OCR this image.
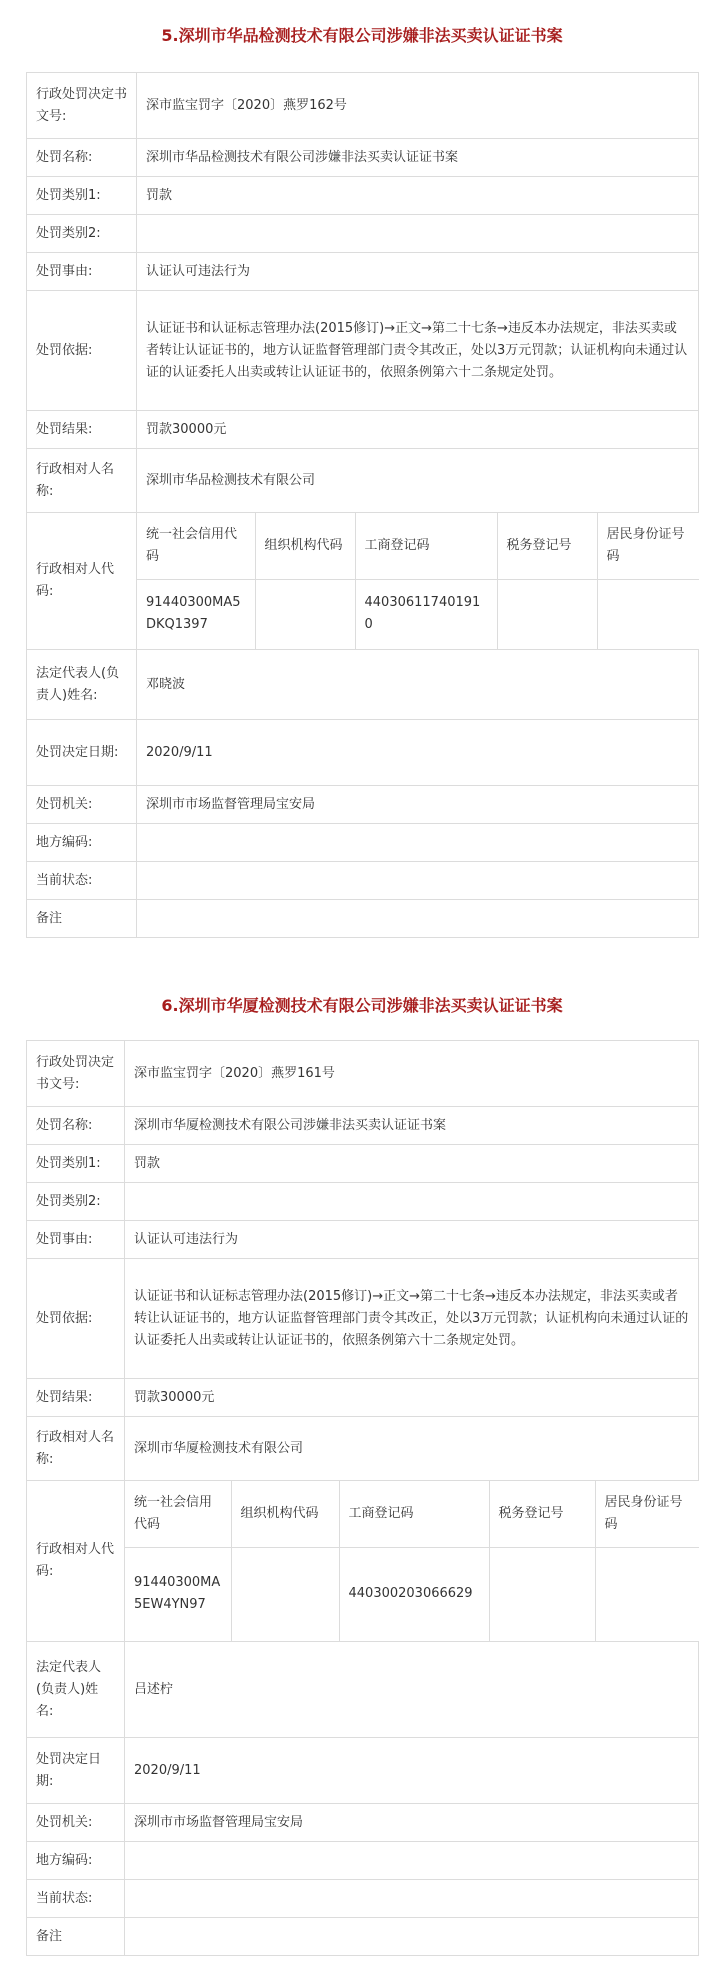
5.深圳市华品检测技术有限公司涉嫌非法买卖认证证书案
行政处罚决定书文号:	深市监宝罚字〔2020〕燕罗162号
处罚名称:	深圳市华品检测技术有限公司涉嫌非法买卖认证证书案
处罚类别1:	罚款
处罚类别2:	
处罚事由:	认证认可违法行为
处罚依据:	认证证书和认证标志管理办法(2015修订)→正文→第二十七条→违反本办法规定，非法买卖或者转让认证证书的，地方认证监督管理部门责令其改正，处以3万元罚款；认证机构向未通过认证的认证委托人出卖或转让认证证书的，依照条例第六十二条规定处罚。
处罚结果:	罚款30000元
行政相对人名称:	深圳市华品检测技术有限公司
行政相对人代码:	
统一社会信用代码	组织机构代码	工商登记码	税务登记号	居民身份证号码
91440300MA5DKQ1397		440306117401910		

法定代表人(负责人)姓名:	邓晓波
处罚决定日期:	2020/9/11
处罚机关:	深圳市市场监督管理局宝安局
地方编码:	
当前状态:	
备注	
6.深圳市华厦检测技术有限公司涉嫌非法买卖认证证书案
行政处罚决定书文号:	深市监宝罚字〔2020〕燕罗161号
处罚名称:	深圳市华厦检测技术有限公司涉嫌非法买卖认证证书案
处罚类别1:	罚款
处罚类别2:	
处罚事由:	认证认可违法行为
处罚依据:	认证证书和认证标志管理办法(2015修订)→正文→第二十七条→违反本办法规定，非法买卖或者转让认证证书的，地方认证监督管理部门责令其改正，处以3万元罚款；认证机构向未通过认证的认证委托人出卖或转让认证证书的，依照条例第六十二条规定处罚。
处罚结果:	罚款30000元
行政相对人名称:	深圳市华厦检测技术有限公司
行政相对人代码:	
统一社会信用代码	组织机构代码	工商登记码	税务登记号	居民身份证号码
91440300MA5EW4YN97		440300203066629		

法定代表人(负责人)姓名:	吕述柠
处罚决定日期:	2020/9/11
处罚机关:	深圳市市场监督管理局宝安局
地方编码:	
当前状态:	
备注	
